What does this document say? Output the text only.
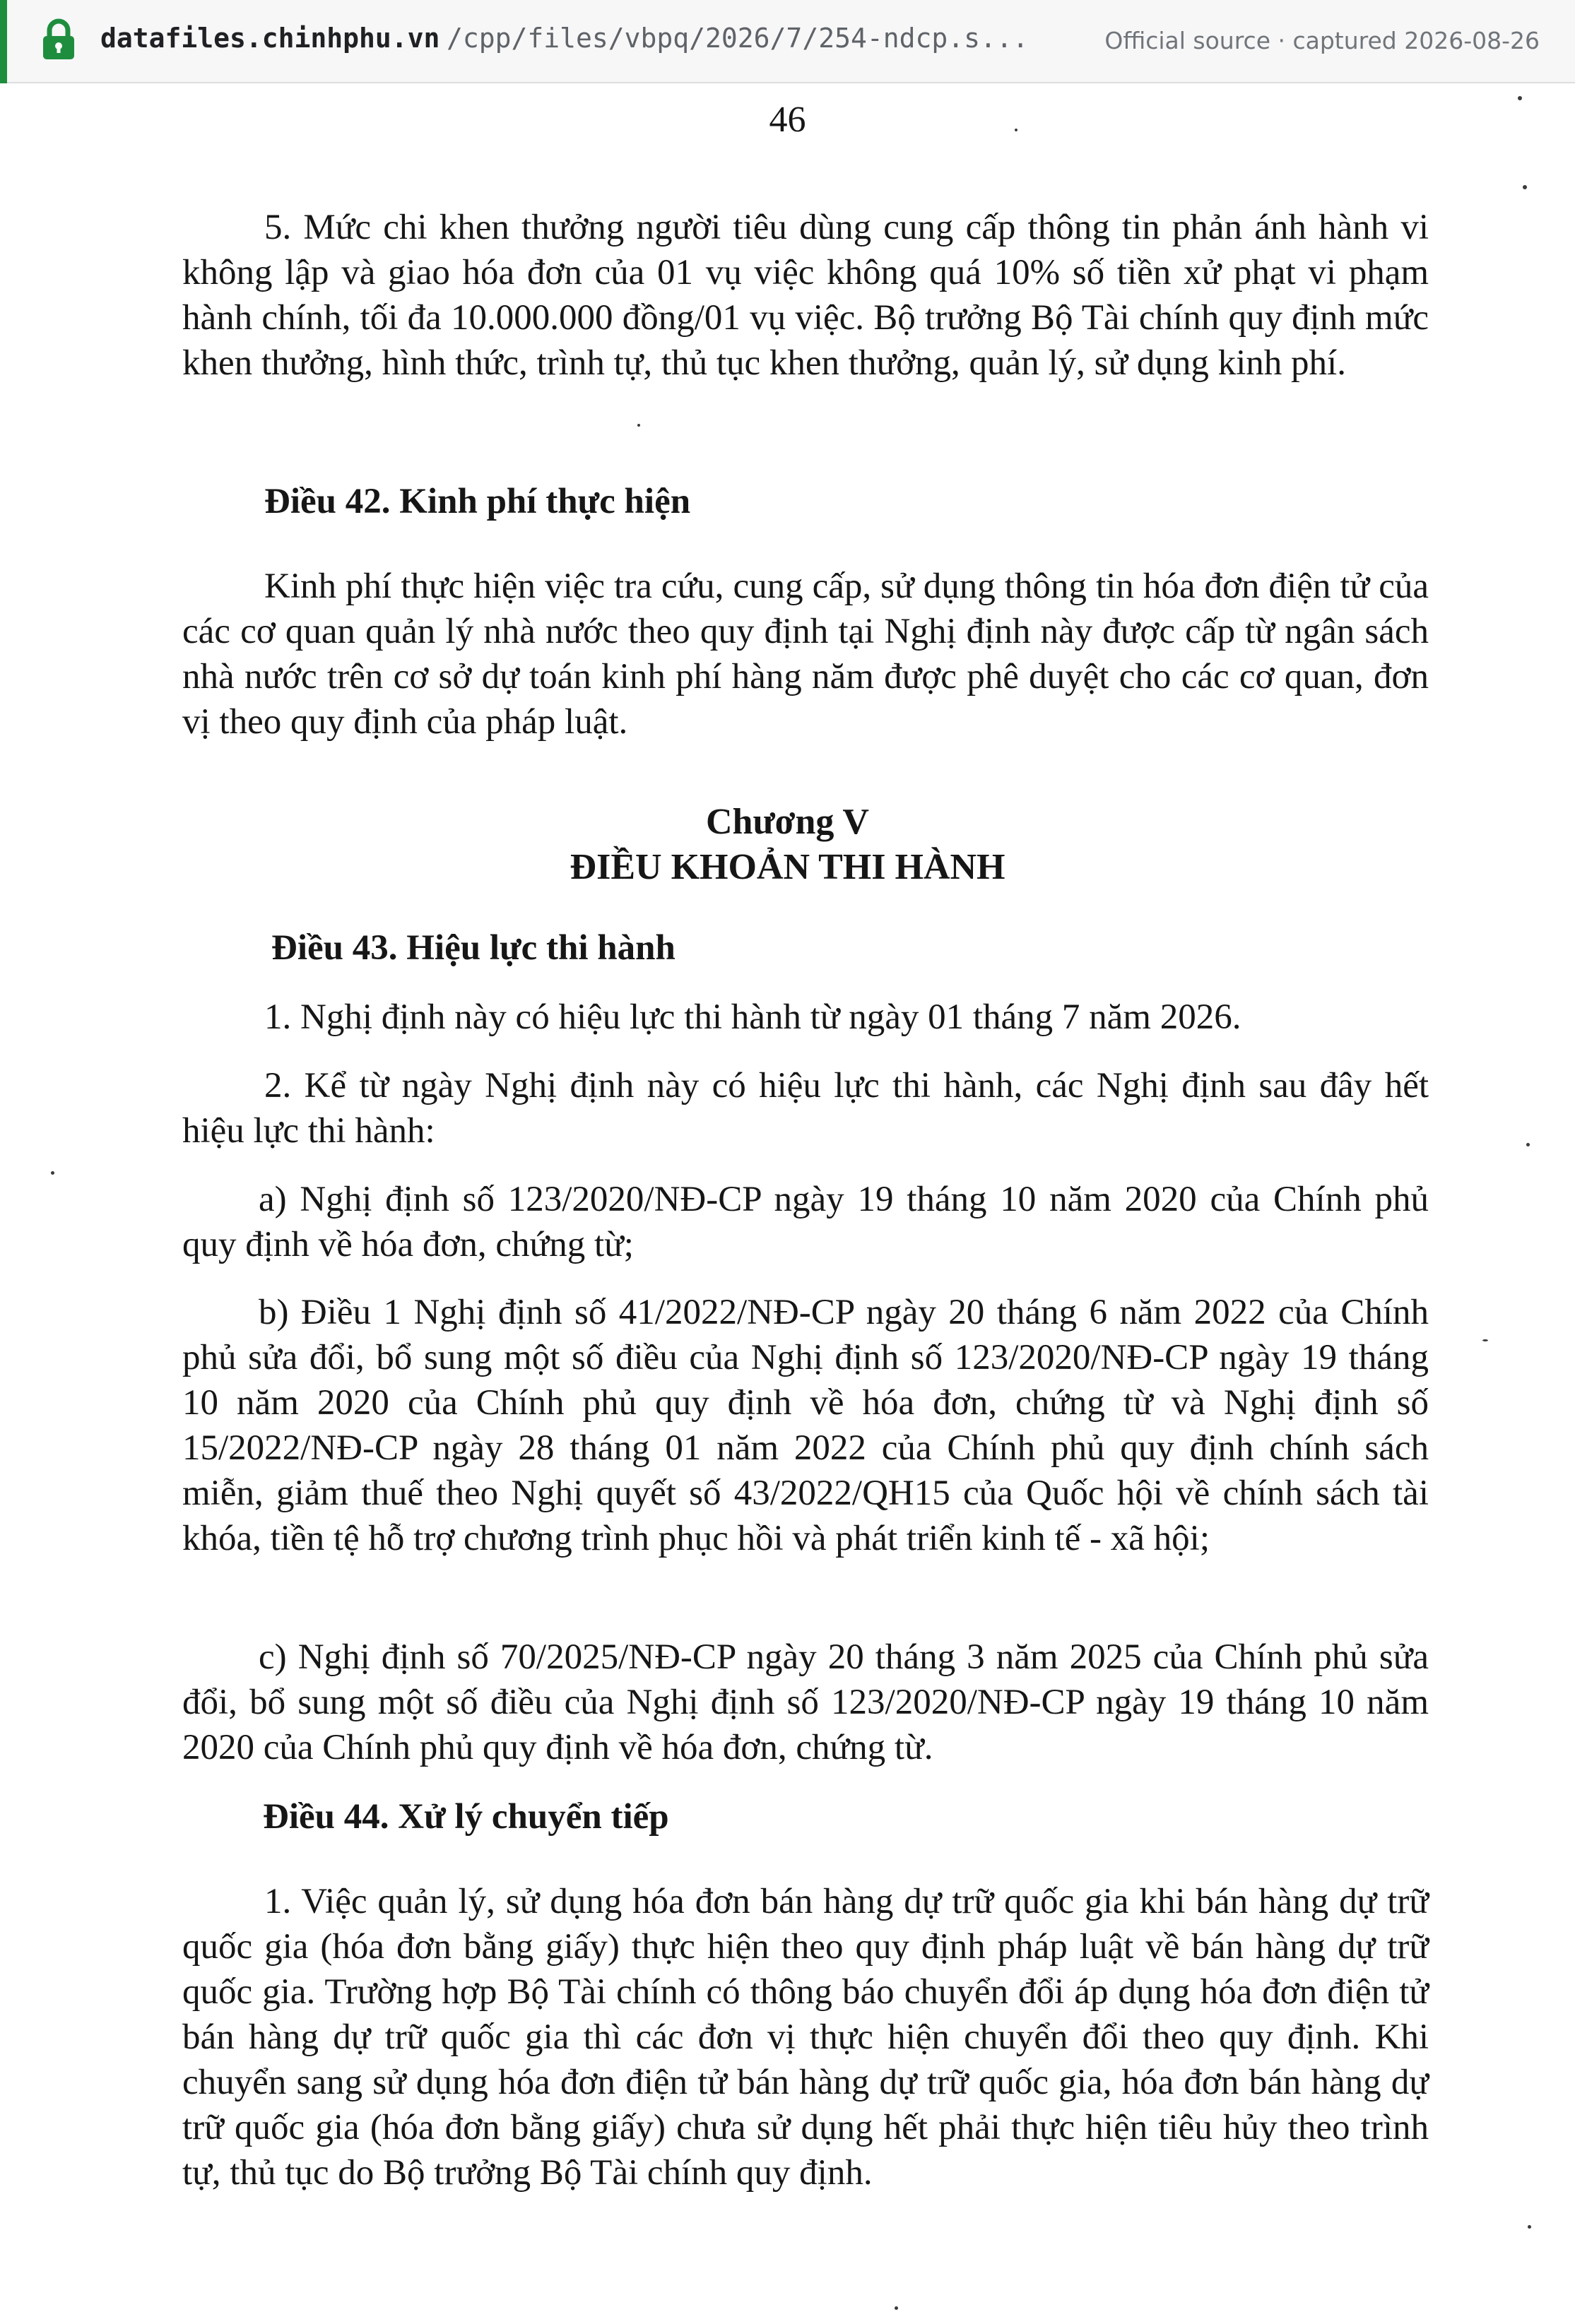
datafiles.chinhphu.vn /cpp/files/vbpq/2026/7/254-ndcp.s...	Official source · captured 2026-08-26
46

5. Mức chi khen thưởng người tiêu dùng cung cấp thông tin phản ánh hành vi không lập và giao hóa đơn của 01 vụ việc không quá 10% số tiền xử phạt vi phạm hành chính, tối đa 10.000.000 đồng/01 vụ việc. Bộ trưởng Bộ Tài chính quy định mức khen thưởng, hình thức, trình tự, thủ tục khen thưởng, quản lý, sử dụng kinh phí.

Điều 42. Kinh phí thực hiện

Kinh phí thực hiện việc tra cứu, cung cấp, sử dụng thông tin hóa đơn điện tử của các cơ quan quản lý nhà nước theo quy định tại Nghị định này được cấp từ ngân sách nhà nước trên cơ sở dự toán kinh phí hàng năm được phê duyệt cho các cơ quan, đơn vị theo quy định của pháp luật.

Chương V
ĐIỀU KHOẢN THI HÀNH
Điều 43. Hiệu lực thi hành

1. Nghị định này có hiệu lực thi hành từ ngày 01 tháng 7 năm 2026.

2. Kể từ ngày Nghị định này có hiệu lực thi hành, các Nghị định sau đây hết hiệu lực thi hành:

a) Nghị định số 123/2020/NĐ-CP ngày 19 tháng 10 năm 2020 của Chính phủ quy định về hóa đơn, chứng từ;

b) Điều 1 Nghị định số 41/2022/NĐ-CP ngày 20 tháng 6 năm 2022 của Chính phủ sửa đổi, bổ sung một số điều của Nghị định số 123/2020/NĐ-CP ngày 19 tháng 10 năm 2020 của Chính phủ quy định về hóa đơn, chứng từ và Nghị định số 15/2022/NĐ-CP ngày 28 tháng 01 năm 2022 của Chính phủ quy định chính sách miễn, giảm thuế theo Nghị quyết số 43/2022/QH15 của Quốc hội về chính sách tài khóa, tiền tệ hỗ trợ chương trình phục hồi và phát triển kinh tế - xã hội;

c) Nghị định số 70/2025/NĐ-CP ngày 20 tháng 3 năm 2025 của Chính phủ sửa đổi, bổ sung một số điều của Nghị định số 123/2020/NĐ-CP ngày 19 tháng 10 năm 2020 của Chính phủ quy định về hóa đơn, chứng từ.

Điều 44. Xử lý chuyển tiếp

1. Việc quản lý, sử dụng hóa đơn bán hàng dự trữ quốc gia khi bán hàng dự trữ quốc gia (hóa đơn bằng giấy) thực hiện theo quy định pháp luật về bán hàng dự trữ quốc gia. Trường hợp Bộ Tài chính có thông báo chuyển đổi áp dụng hóa đơn điện tử bán hàng dự trữ quốc gia thì các đơn vị thực hiện chuyển đổi theo quy định. Khi chuyển sang sử dụng hóa đơn điện tử bán hàng dự trữ quốc gia, hóa đơn bán hàng dự trữ quốc gia (hóa đơn bằng giấy) chưa sử dụng hết phải thực hiện tiêu hủy theo trình tự, thủ tục do Bộ trưởng Bộ Tài chính quy định.
